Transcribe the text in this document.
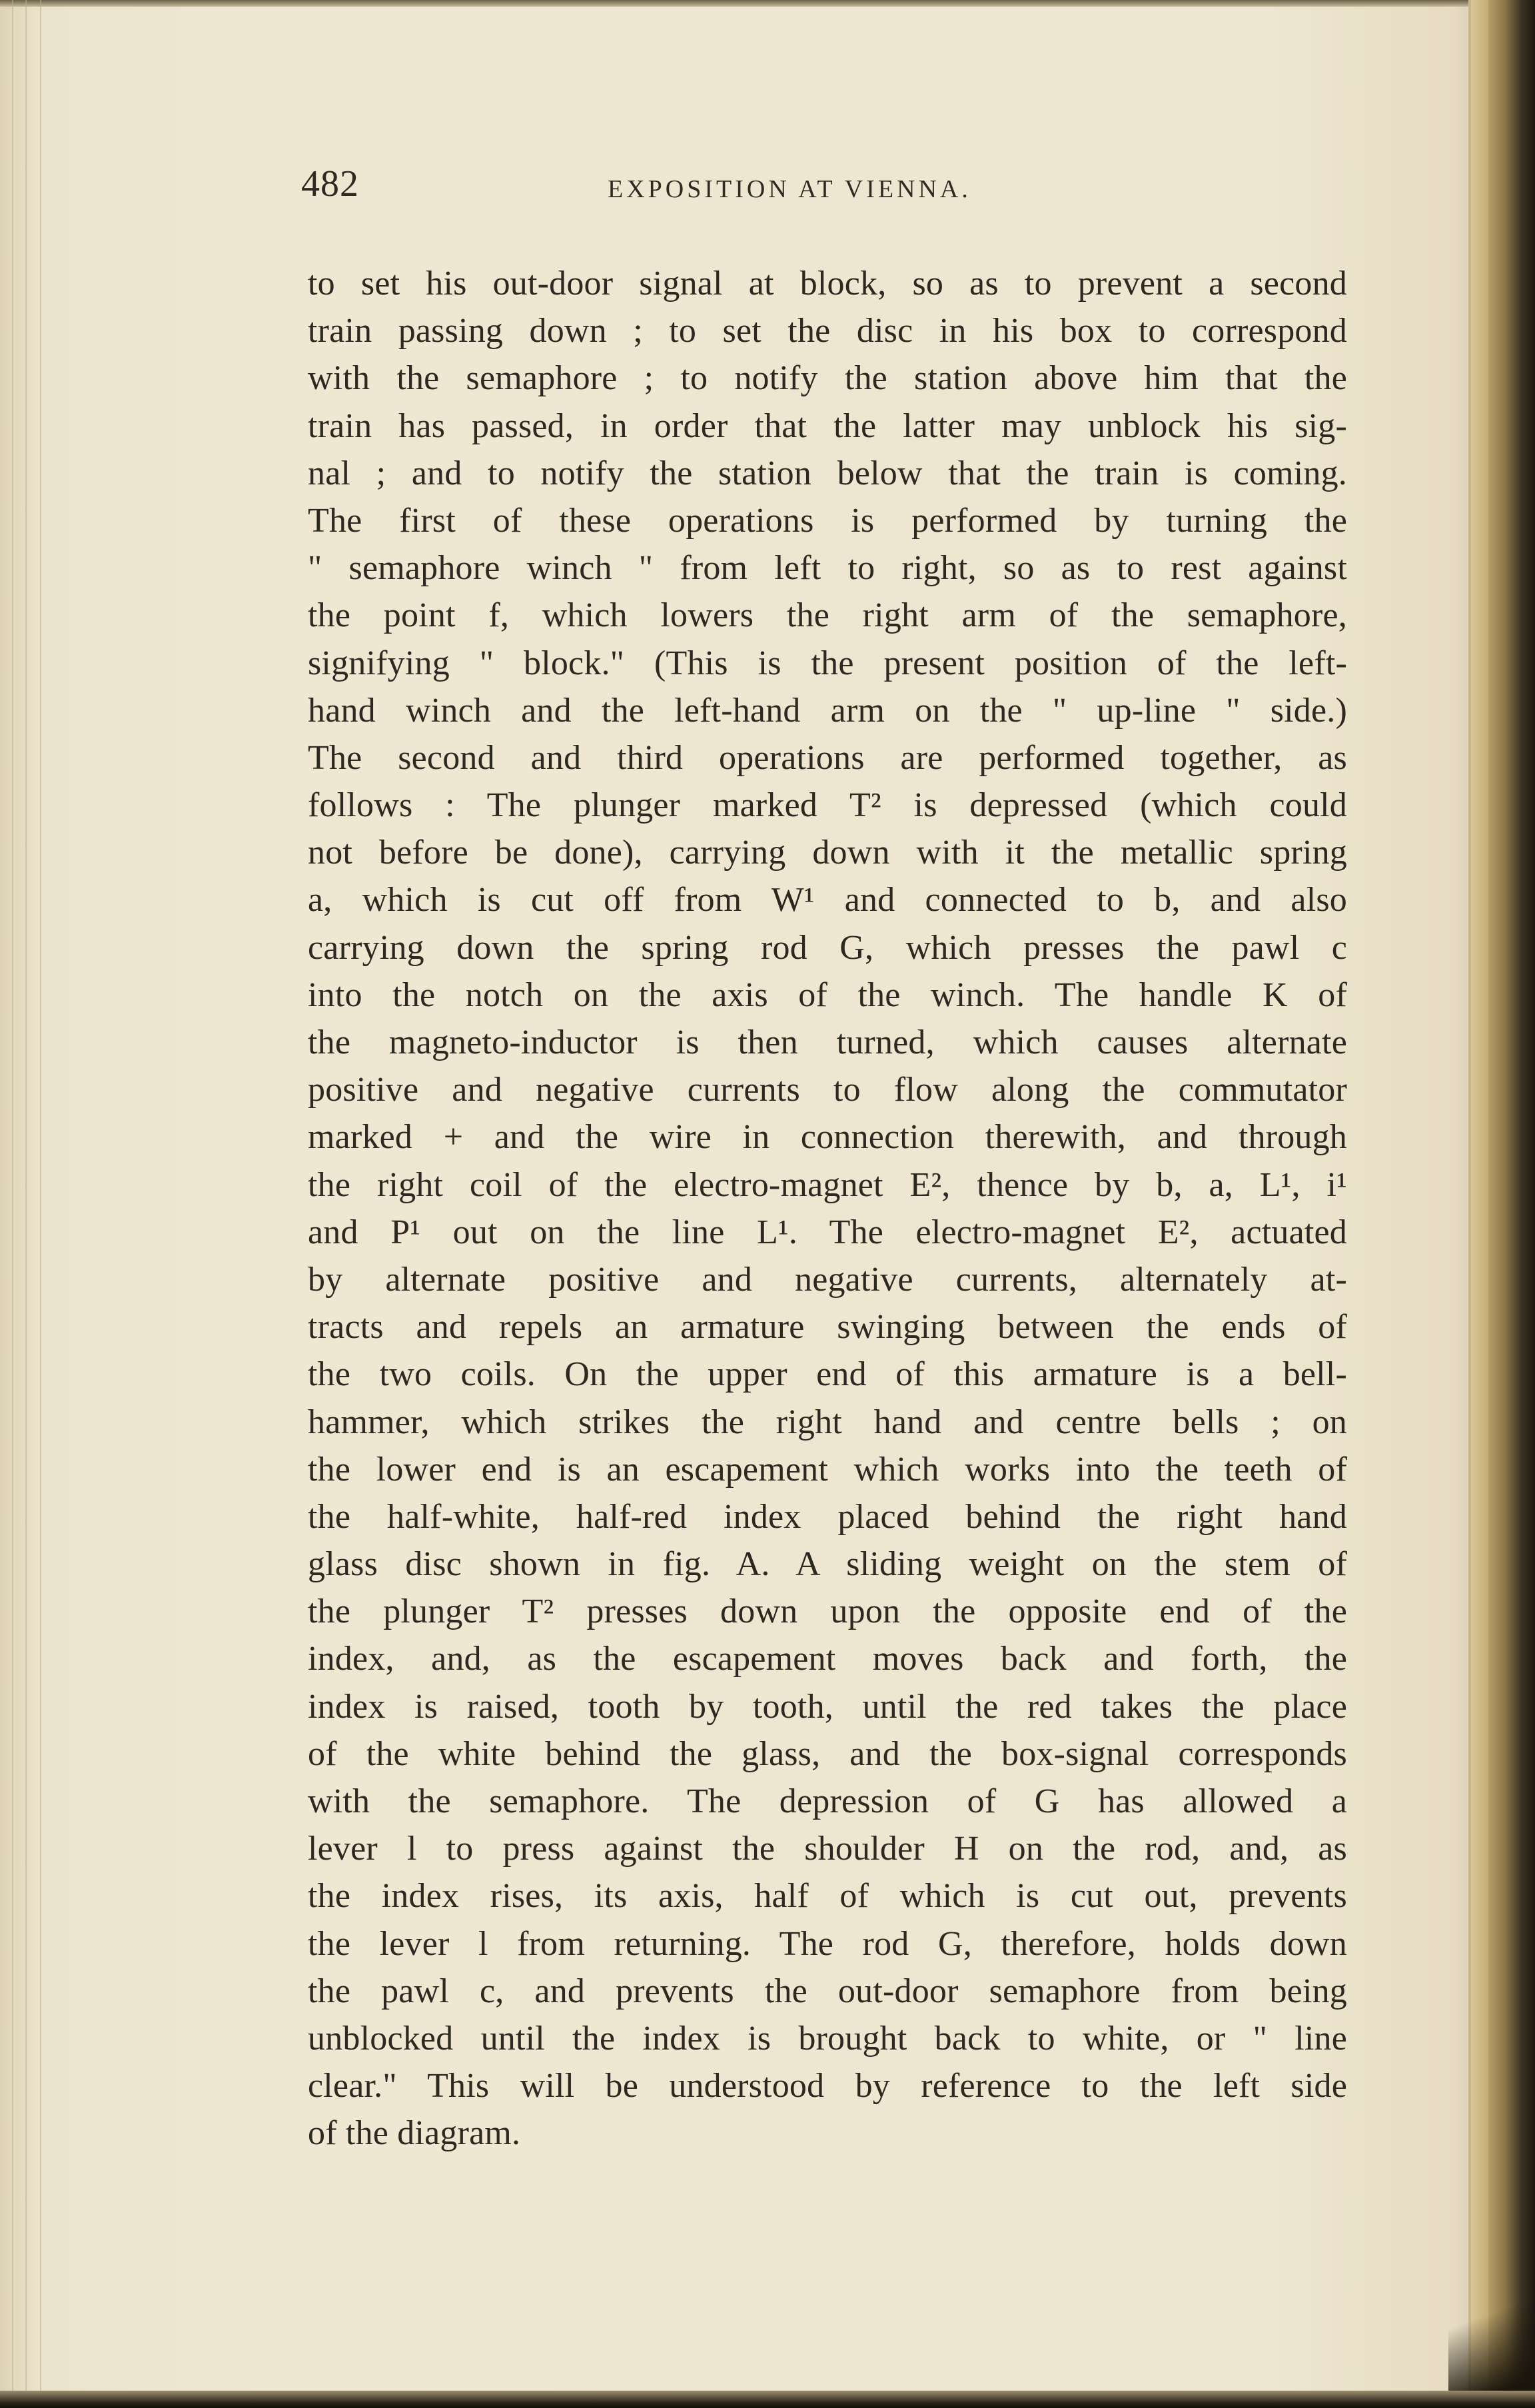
482	EXPOSITION AT VIENNA.
to set his out-door signal at block, so as to prevent a second
train passing down ; to set the disc in his box to correspond
with the semaphore ; to notify the station above him that the
train has passed, in order that the latter may unblock his sig-
nal ; and to notify the station below that the train is coming.
The first of these operations is performed by turning the
" semaphore winch " from left to right, so as to rest against
the point f, which lowers the right arm of the semaphore,
signifying " block." (This is the present position of the left-
hand winch and the left-hand arm on the " up-line " side.)
The second and third operations are performed together, as
follows : The plunger marked T² is depressed (which could
not before be done), carrying down with it the metallic spring
a, which is cut off from W¹ and connected to b, and also
carrying down the spring rod G, which presses the pawl c
into the notch on the axis of the winch. The handle K of
the magneto-inductor is then turned, which causes alternate
positive and negative currents to flow along the commutator
marked + and the wire in connection therewith, and through
the right coil of the electro-magnet E², thence by b, a, L¹, i¹
and P¹ out on the line L¹. The electro-magnet E², actuated
by alternate positive and negative currents, alternately at-
tracts and repels an armature swinging between the ends of
the two coils. On the upper end of this armature is a bell-
hammer, which strikes the right hand and centre bells ; on
the lower end is an escapement which works into the teeth of
the half-white, half-red index placed behind the right hand
glass disc shown in fig. A. A sliding weight on the stem of
the plunger T² presses down upon the opposite end of the
index, and, as the escapement moves back and forth, the
index is raised, tooth by tooth, until the red takes the place
of the white behind the glass, and the box-signal corresponds
with the semaphore. The depression of G has allowed a
lever l to press against the shoulder H on the rod, and, as
the index rises, its axis, half of which is cut out, prevents
the lever l from returning. The rod G, therefore, holds down
the pawl c, and prevents the out-door semaphore from being
unblocked until the index is brought back to white, or " line
clear." This will be understood by reference to the left side
of the diagram.
